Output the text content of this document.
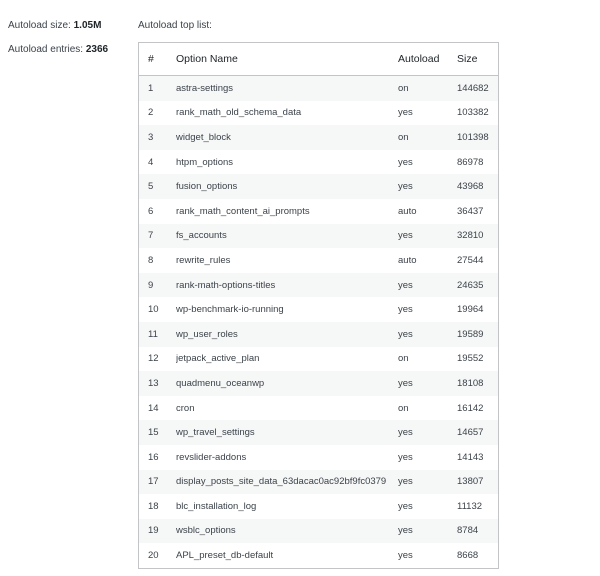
Autoload size: 1.05M
Autoload entries: 2366
Autoload top list:
#	Option Name	Autoload	Size
1	astra-settings	on	144682
2	rank_math_old_schema_data	yes	103382
3	widget_block	on	101398
4	htpm_options	yes	86978
5	fusion_options	yes	43968
6	rank_math_content_ai_prompts	auto	36437
7	fs_accounts	yes	32810
8	rewrite_rules	auto	27544
9	rank-math-options-titles	yes	24635
10	wp-benchmark-io-running	yes	19964
11	wp_user_roles	yes	19589
12	jetpack_active_plan	on	19552
13	quadmenu_oceanwp	yes	18108
14	cron	on	16142
15	wp_travel_settings	yes	14657
16	revslider-addons	yes	14143
17	display_posts_site_data_63dacac0ac92bf9fc0379	yes	13807
18	blc_installation_log	yes	11132
19	wsblc_options	yes	8784
20	APL_preset_db-default	yes	8668
